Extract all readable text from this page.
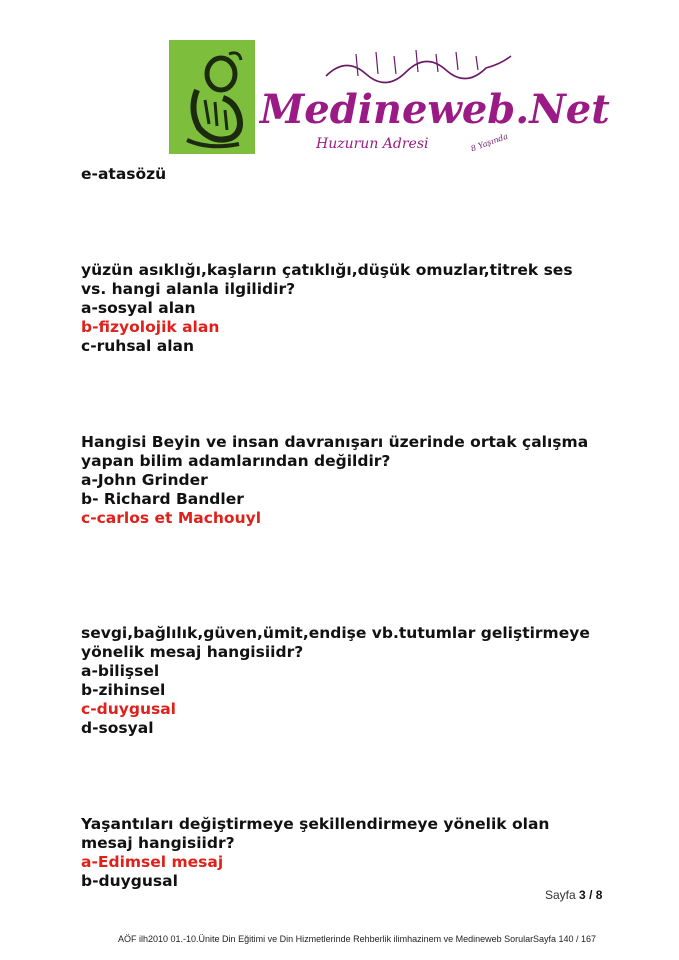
Medineweb.Net
Huzurun Adresi	8 Yaşında
e-atasözü
yüzün asıklığı,kaşların çatıklığı,düşük omuzlar,titrek ses
vs. hangi alanla ilgilidir?
a-sosyal alan
b-fizyolojik alan
c-ruhsal alan
Hangisi Beyin ve insan davranışarı üzerinde ortak çalışma
yapan bilim adamlarından değildir?
a-John Grinder
b- Richard Bandler
c-carlos et Machouyl
sevgi,bağlılık,güven,ümit,endişe vb.tutumlar geliştirmeye
yönelik mesaj hangisiidr?
a-bilişsel
b-zihinsel
c-duygusal
d-sosyal
Yaşantıları değiştirmeye şekillendirmeye yönelik olan
mesaj hangisiidr?
a-Edimsel mesaj
b-duygusal
Sayfa 3 / 8
AÖF ilh2010 01.-10.Ünite Din Eğitimi ve Din Hizmetlerinde Rehberlik ilimhazinem ve Medineweb Sorular Sayfa 140 / 167
